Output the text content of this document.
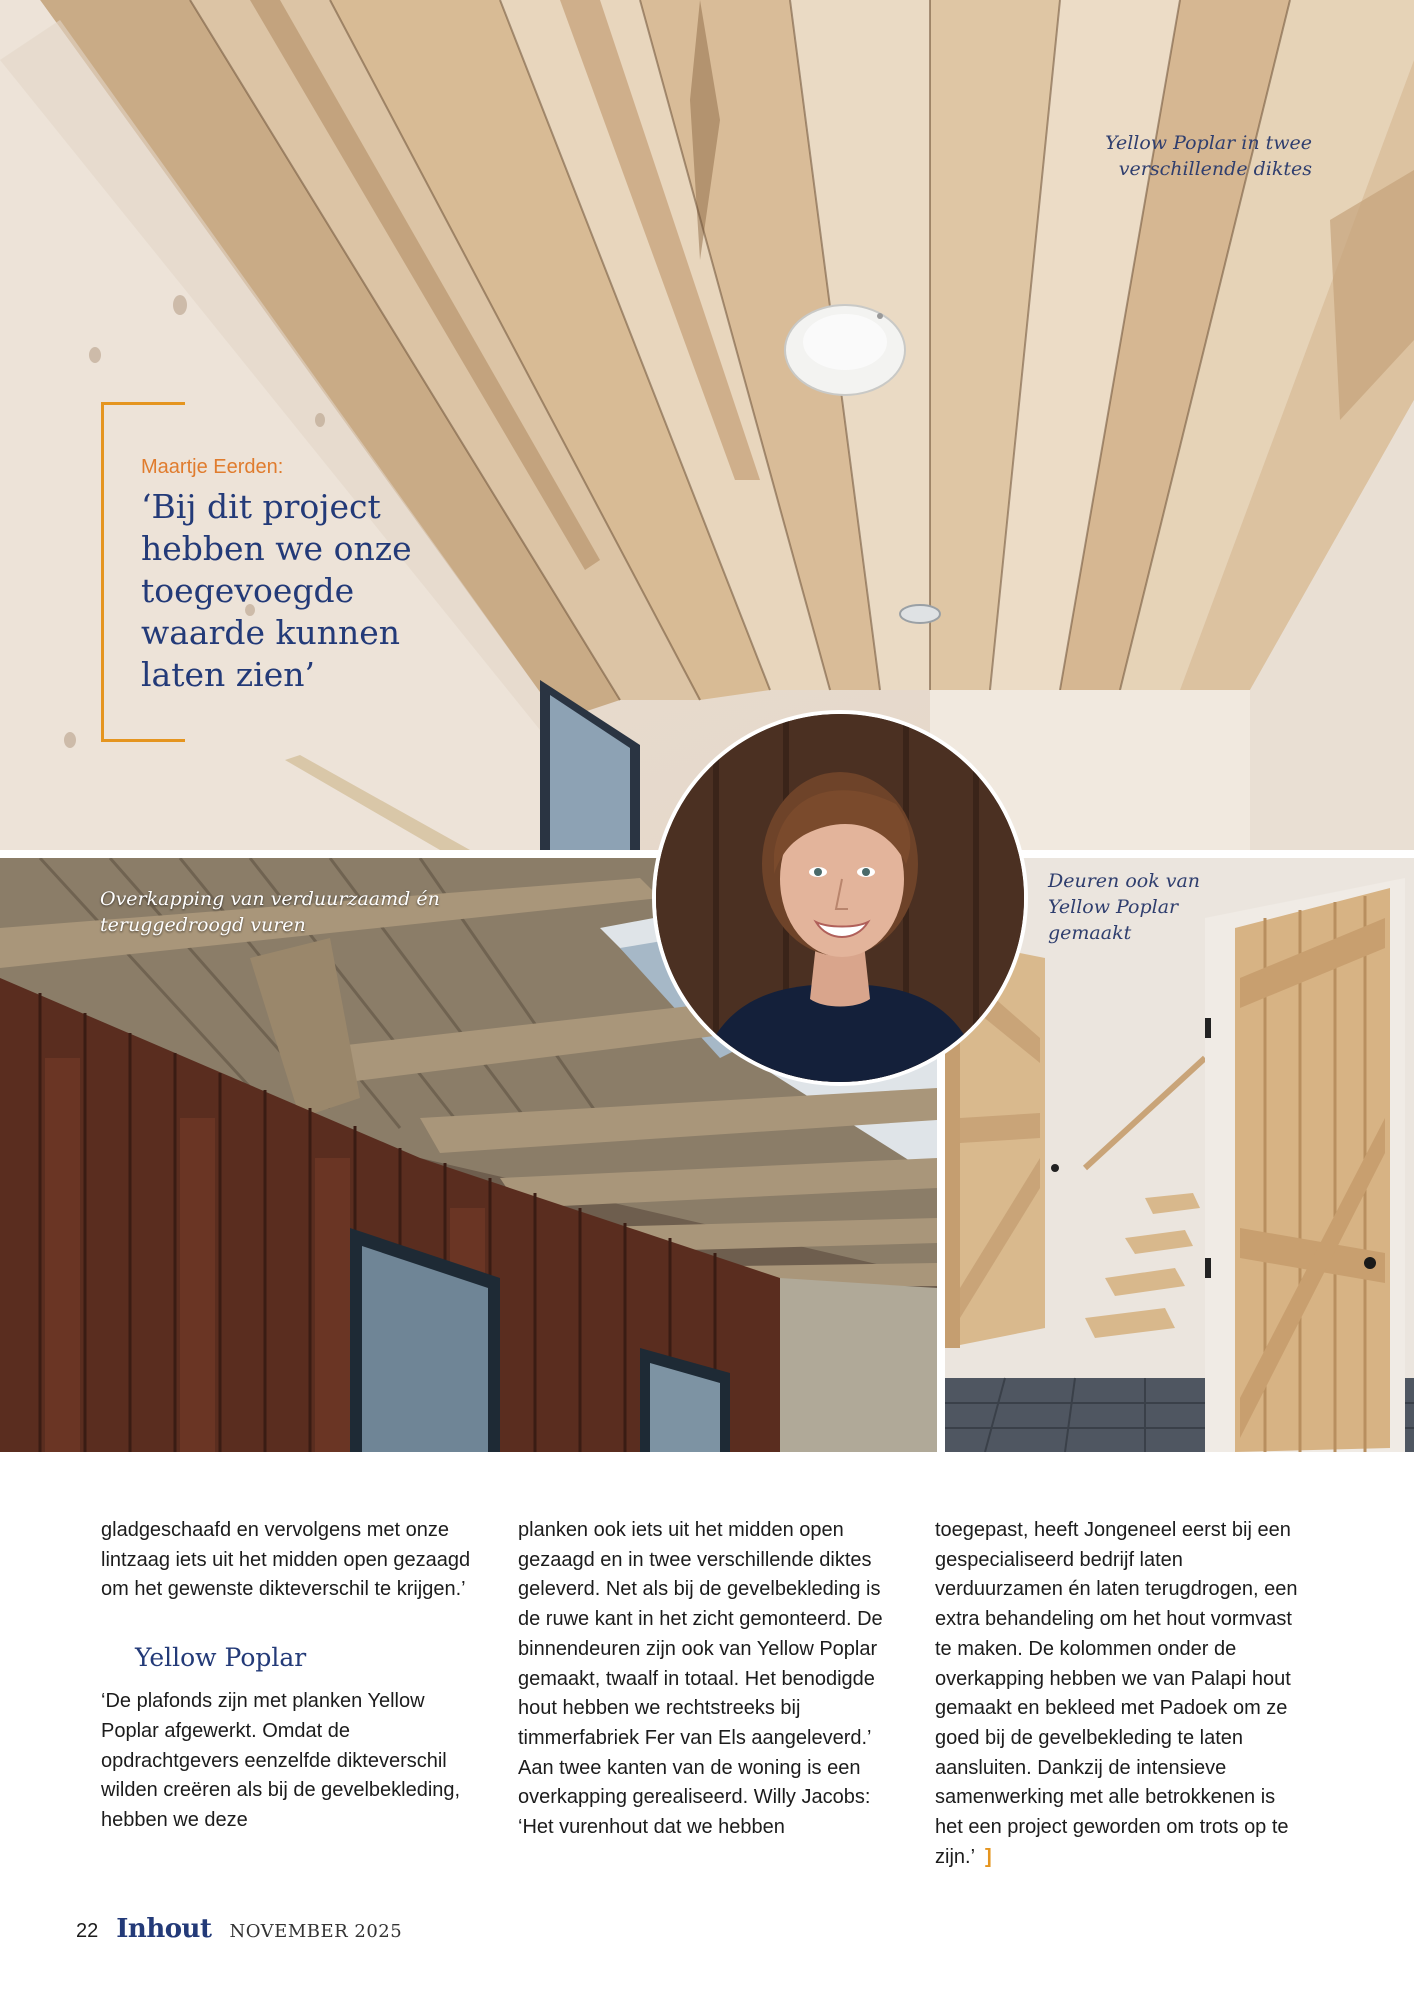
Yellow Poplar in twee verschillende diktes

Overkapping van verduurzaamd én teruggedroogd vuren

Deuren ook van Yellow Poplar gemaakt

Maartje Eerden:

‘Bij dit project hebben we onze toegevoegde waarde kunnen laten zien’

gladgeschaafd en vervolgens met onze lintzaag iets uit het midden open gezaagd om het gewenste dikteverschil te krijgen.’

Yellow Poplar

‘De plafonds zijn met planken Yellow Poplar afgewerkt. Omdat de opdrachtgevers eenzelfde dikteverschil wilden creëren als bij de gevelbekleding, hebben we deze

planken ook iets uit het midden open gezaagd en in twee verschillende diktes geleverd. Net als bij de gevelbekleding is de ruwe kant in het zicht gemonteerd. De binnendeuren zijn ook van Yellow Poplar gemaakt, twaalf in totaal. Het benodigde hout hebben we rechtstreeks bij timmerfabriek Fer van Els aangeleverd.’ Aan twee kanten van de woning is een overkapping gerealiseerd. Willy Jacobs: ‘Het vurenhout dat we hebben

toegepast, heeft Jongeneel eerst bij een gespecialiseerd bedrijf laten verduurzamen én laten terugdrogen, een extra behandeling om het hout vormvast te maken. De kolommen onder de overkapping hebben we van Palapi hout gemaakt en bekleed met Padoek om ze goed bij de gevelbekleding te laten aansluiten. Dankzij de intensieve samenwerking met alle betrokkenen is het een project geworden om trots op te zijn.’ ]

22 Inhout NOVEMBER 2025
